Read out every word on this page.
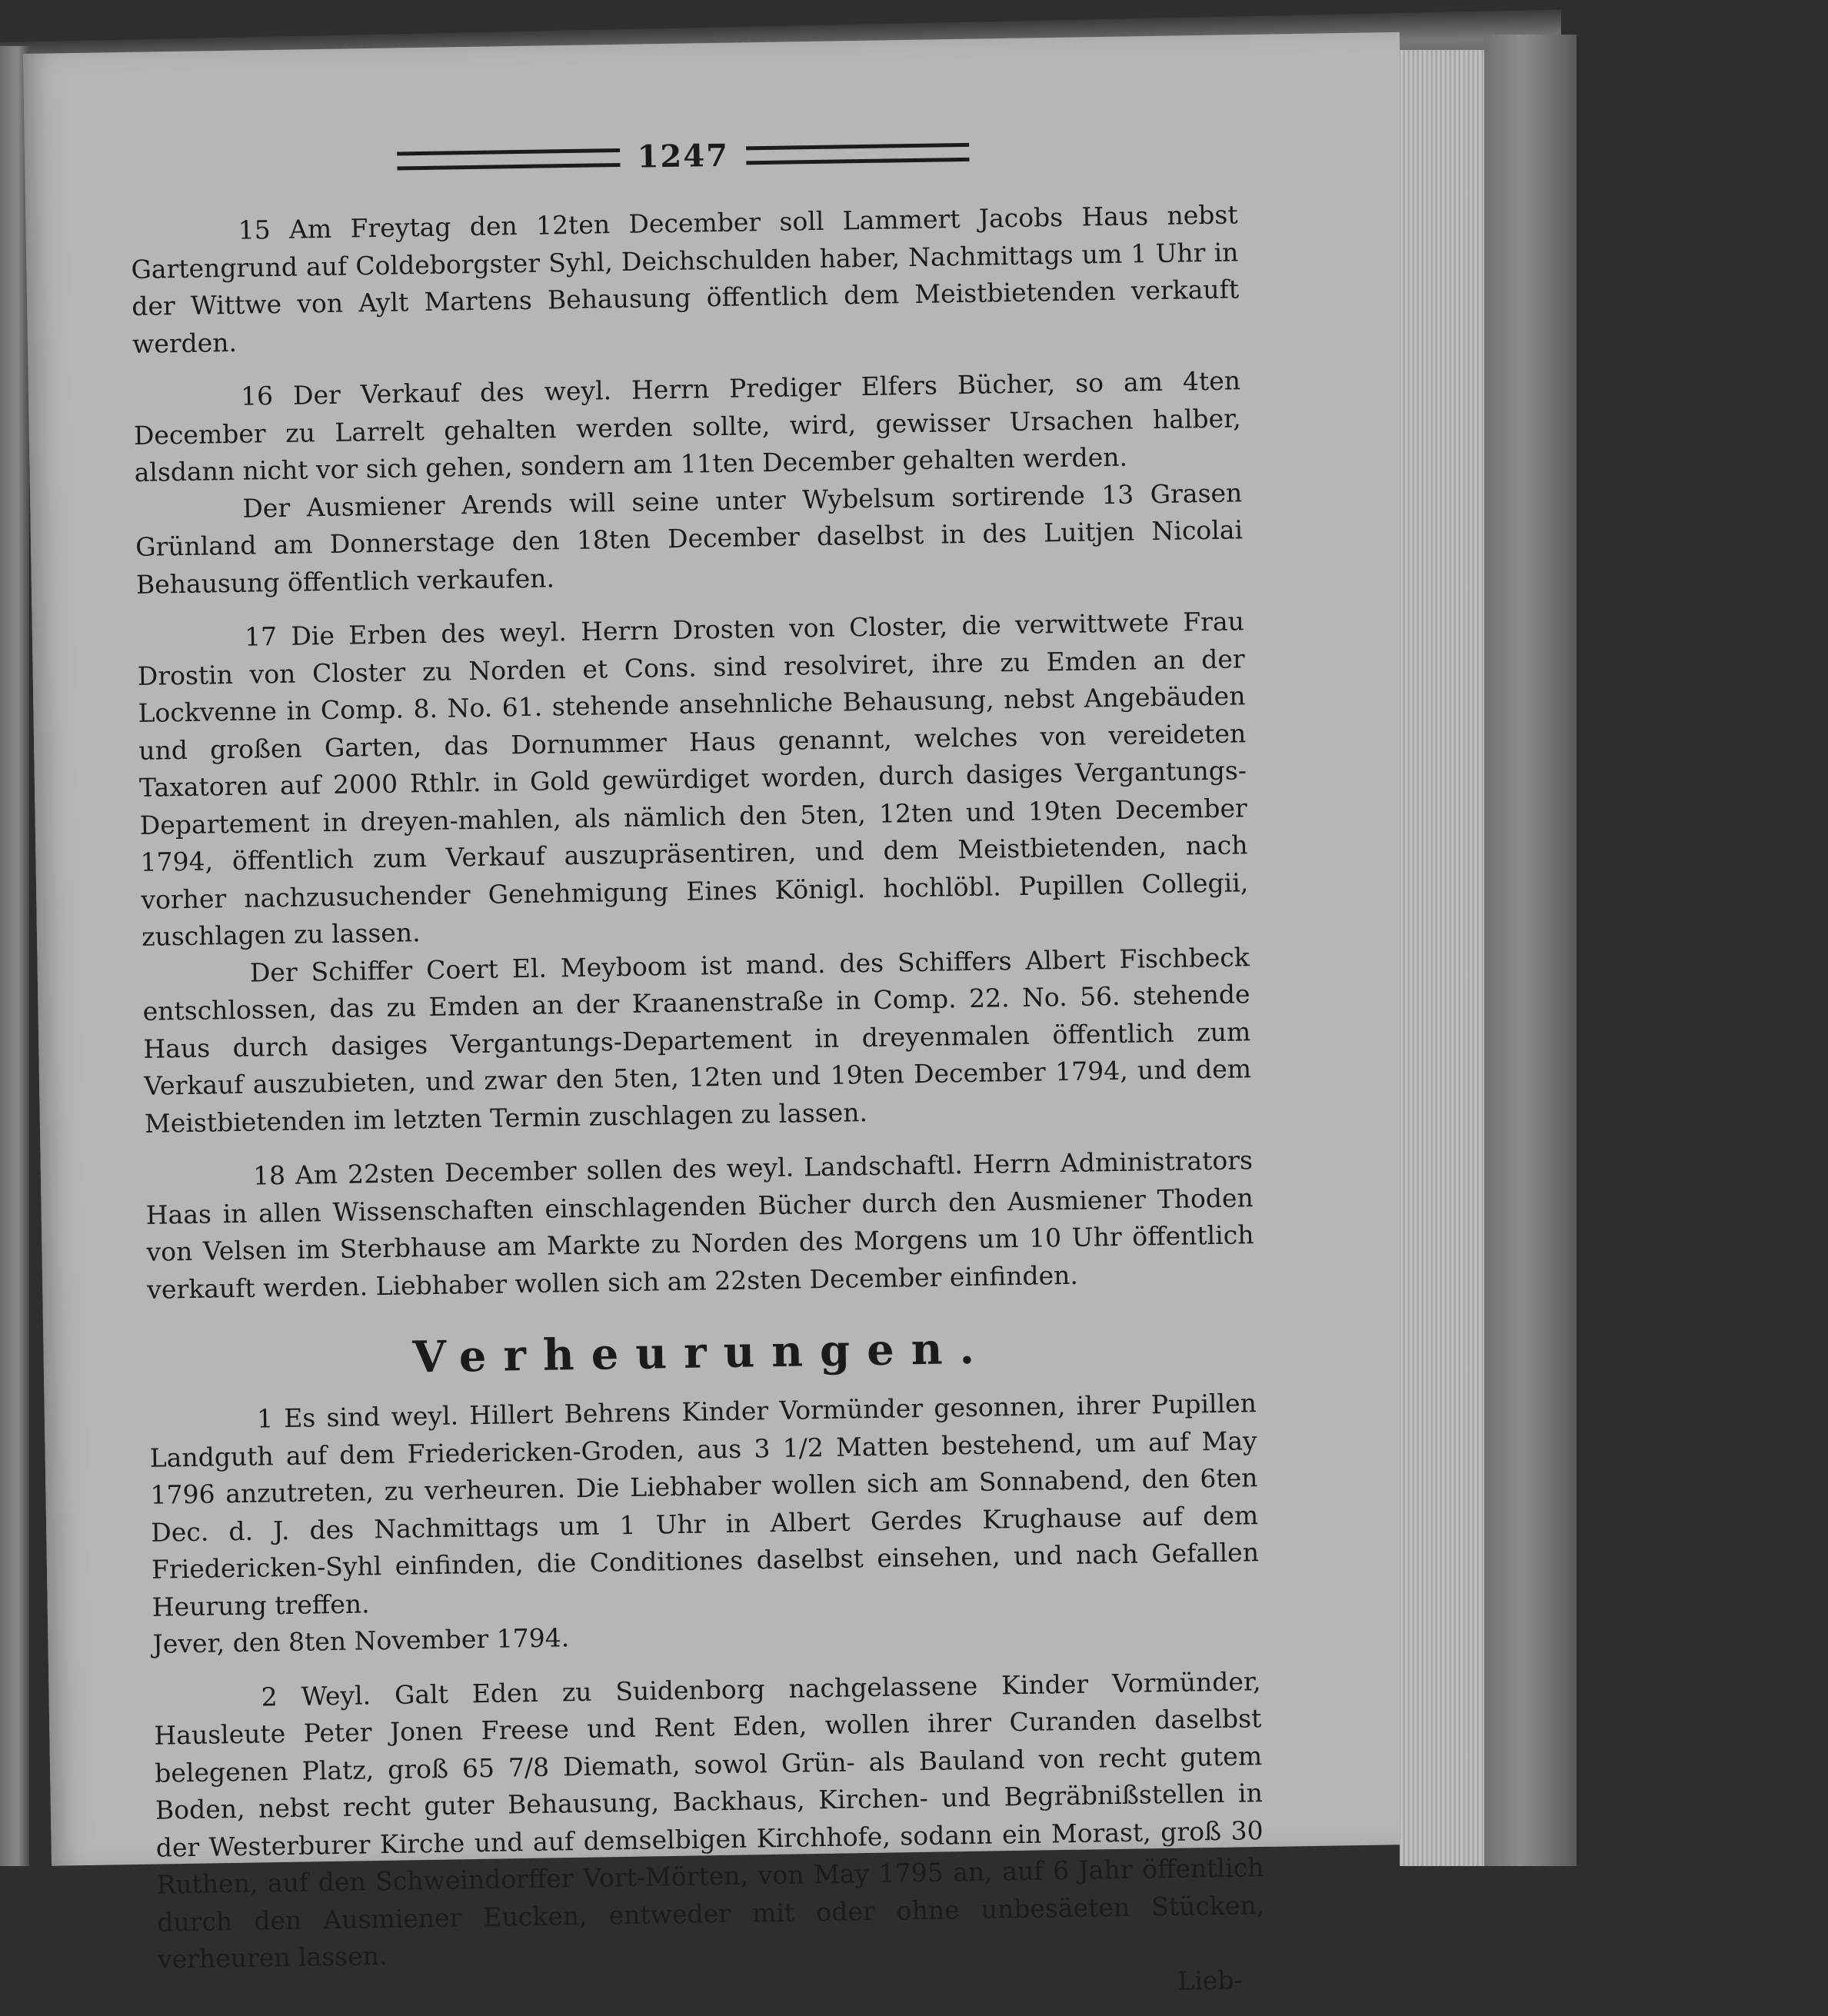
1247

15 Am Freytag den 12ten December soll Lammert Jacobs Haus nebst Gartengrund auf Coldeborgster Syhl, Deichschulden haber, Nachmittags um 1 Uhr in der Wittwe von Aylt Martens Behausung öffentlich dem Meistbietenden verkauft werden.

16 Der Verkauf des weyl. Herrn Prediger Elfers Bücher, so am 4ten December zu Larrelt gehalten werden sollte, wird, gewisser Ursachen halber, alsdann nicht vor sich gehen, sondern am 11ten December gehalten werden.

Der Ausmiener Arends will seine unter Wybelsum sortirende 13 Grasen Grünland am Donnerstage den 18ten December daselbst in des Luitjen Nicolai Behausung öffentlich verkaufen.

17 Die Erben des weyl. Herrn Drosten von Closter, die verwittwete Frau Drostin von Closter zu Norden et Cons. sind resolviret, ihre zu Emden an der Lockvenne in Comp. 8. No. 61. stehende ansehnliche Behausung, nebst Angebäuden und großen Garten, das Dornummer Haus genannt, welches von vereideten Taxatoren auf 2000 Rthlr. in Gold gewürdiget worden, durch dasiges Vergantungs-Departement in dreyen-mahlen, als nämlich den 5ten, 12ten und 19ten December 1794, öffentlich zum Verkauf auszupräsentiren, und dem Meistbietenden, nach vorher nachzusuchender Genehmigung Eines Königl. hochlöbl. Pupillen Collegii, zuschlagen zu lassen.

Der Schiffer Coert El. Meyboom ist mand. des Schiffers Albert Fischbeck entschlossen, das zu Emden an der Kraanenstraße in Comp. 22. No. 56. stehende Haus durch dasiges Vergantungs-Departement in dreyenmalen öffentlich zum Verkauf auszubieten, und zwar den 5ten, 12ten und 19ten December 1794, und dem Meistbietenden im letzten Termin zuschlagen zu lassen.

18 Am 22sten December sollen des weyl. Landschaftl. Herrn Administrators Haas in allen Wissenschaften einschlagenden Bücher durch den Ausmiener Thoden von Velsen im Sterbhause am Markte zu Norden des Morgens um 10 Uhr öffentlich verkauft werden. Liebhaber wollen sich am 22sten December einfinden.

Verheurungen.

1 Es sind weyl. Hillert Behrens Kinder Vormünder gesonnen, ihrer Pupillen Landguth auf dem Friedericken-Groden, aus 3 1/2 Matten bestehend, um auf May 1796 anzutreten, zu verheuren. Die Liebhaber wollen sich am Sonnabend, den 6ten Dec. d. J. des Nachmittags um 1 Uhr in Albert Gerdes Krughause auf dem Friedericken-Syhl einfinden, die Conditiones daselbst einsehen, und nach Gefallen Heurung treffen.

Jever, den 8ten November 1794.

2 Weyl. Galt Eden zu Suidenborg nachgelassene Kinder Vormünder, Hausleute Peter Jonen Freese und Rent Eden, wollen ihrer Curanden daselbst belegenen Platz, groß 65 7/8 Diemath, sowol Grün- als Bauland von recht gutem Boden, nebst recht guter Behausung, Backhaus, Kirchen- und Begräbnißstellen in der Westerburer Kirche und auf demselbigen Kirchhofe, sodann ein Morast, groß 30 Ruthen, auf den Schweindorffer Vort-Mörten, von May 1795 an, auf 6 Jahr öffentlich durch den Ausmiener Eucken, entweder mit oder ohne unbesäeten Stücken, verheuren lassen.

Lieb-
